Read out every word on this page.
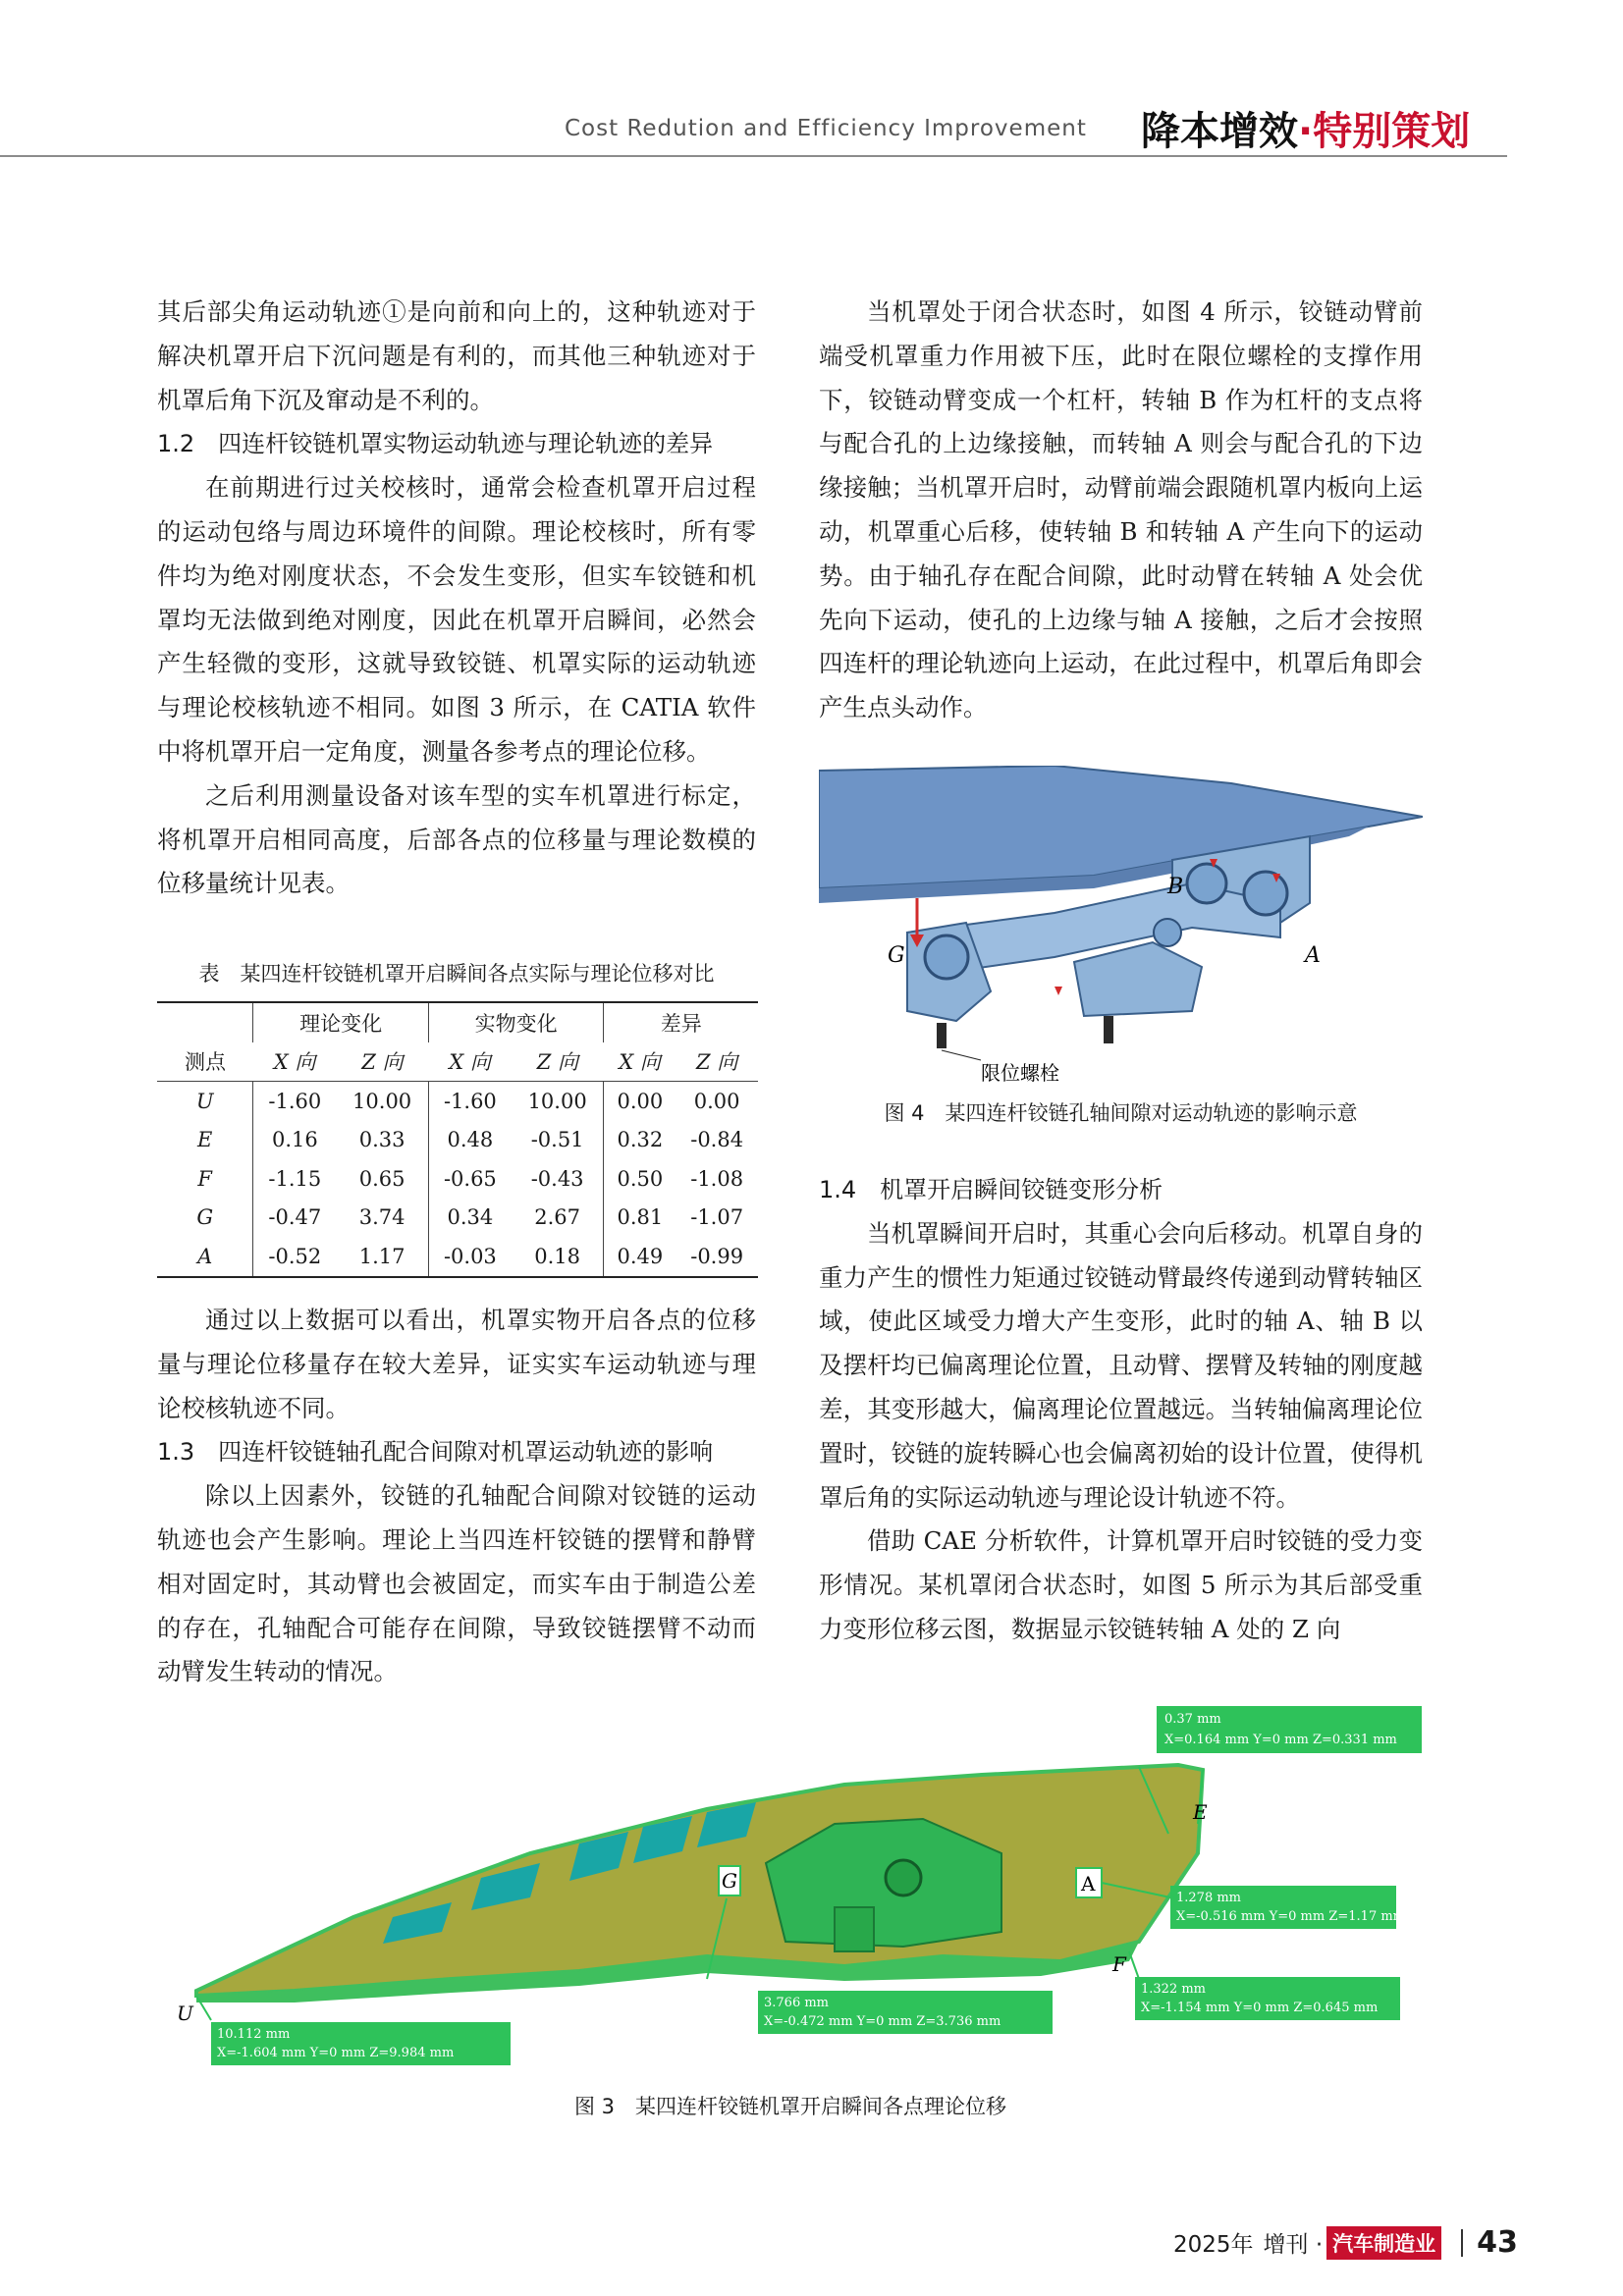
Cost Redution and Efficiency Improvement 降本增效·特别策划

其后部尖角运动轨迹①是向前和向上的，这种轨迹对于解决机罩开启下沉问题是有利的，而其他三种轨迹对于机罩后角下沉及窜动是不利的。

1.2　四连杆铰链机罩实物运动轨迹与理论轨迹的差异

在前期进行过关校核时，通常会检查机罩开启过程的运动包络与周边环境件的间隙。理论校核时，所有零件均为绝对刚度状态，不会发生变形，但实车铰链和机罩均无法做到绝对刚度，因此在机罩开启瞬间，必然会产生轻微的变形，这就导致铰链、机罩实际的运动轨迹与理论校核轨迹不相同。如图 3 所示，在 CATIA 软件中将机罩开启一定角度，测量各参考点的理论位移。

之后利用测量设备对该车型的实车机罩进行标定，将机罩开启相同高度，后部各点的位移量与理论数模的位移量统计见表。

表　某四连杆铰链机罩开启瞬间各点实际与理论位移对比
	理论变化		实物变化		差异	
测点	X 向	Z 向	X 向	Z 向	X 向	Z 向
U	-1.60	10.00	-1.60	10.00	0.00	0.00
E	0.16	0.33	0.48	-0.51	0.32	-0.84
F	-1.15	0.65	-0.65	-0.43	0.50	-1.08
G	-0.47	3.74	0.34	2.67	0.81	-1.07
A	-0.52	1.17	-0.03	0.18	0.49	-0.99

通过以上数据可以看出，机罩实物开启各点的位移量与理论位移量存在较大差异，证实实车运动轨迹与理论校核轨迹不同。

1.3　四连杆铰链轴孔配合间隙对机罩运动轨迹的影响

除以上因素外，铰链的孔轴配合间隙对铰链的运动轨迹也会产生影响。理论上当四连杆铰链的摆臂和静臂相对固定时，其动臂也会被固定，而实车由于制造公差的存在，孔轴配合可能存在间隙，导致铰链摆臂不动而动臂发生转动的情况。

当机罩处于闭合状态时，如图 4 所示，铰链动臂前端受机罩重力作用被下压，此时在限位螺栓的支撑作用下，铰链动臂变成一个杠杆，转轴 B 作为杠杆的支点将与配合孔的上边缘接触，而转轴 A 则会与配合孔的下边缘接触；当机罩开启时，动臂前端会跟随机罩内板向上运动，机罩重心后移，使转轴 B 和转轴 A 产生向下的运动势。由于轴孔存在配合间隙，此时动臂在转轴 A 处会优先向下运动，使孔的上边缘与轴 A 接触，之后才会按照四连杆的理论轨迹向上运动，在此过程中，机罩后角即会产生点头动作。

B
G	A
限位螺栓
图 4　某四连杆铰链孔轴间隙对运动轨迹的影响示意

1.4　机罩开启瞬间铰链变形分析

当机罩瞬间开启时，其重心会向后移动。机罩自身的重力产生的惯性力矩通过铰链动臂最终传递到动臂转轴区域，使此区域受力增大产生变形，此时的轴 A、轴 B 以及摆杆均已偏离理论位置，且动臂、摆臂及转轴的刚度越差，其变形越大，偏离理论位置越远。当转轴偏离理论位置时，铰链的旋转瞬心也会偏离初始的设计位置，使得机罩后角的实际运动轨迹与理论设计轨迹不符。

借助 CAE 分析软件，计算机罩开启时铰链的受力变形情况。某机罩闭合状态时，如图 5 所示为其后部受重力变形位移云图，数据显示铰链转轴 A 处的 Z 向

E
G	A
F
U
0.37 mm
X=0.164 mm Y=0 mm Z=0.331 mm
1.278 mm
X=-0.516 mm Y=0 mm Z=1.17 mm
1.322 mm
X=-1.154 mm Y=0 mm Z=0.645 mm
3.766 mm
X=-0.472 mm Y=0 mm Z=3.736 mm
10.112 mm
X=-1.604 mm Y=0 mm Z=9.984 mm
图 3　某四连杆铰链机罩开启瞬间各点理论位移
2025年 增刊 · 汽车制造业 43
